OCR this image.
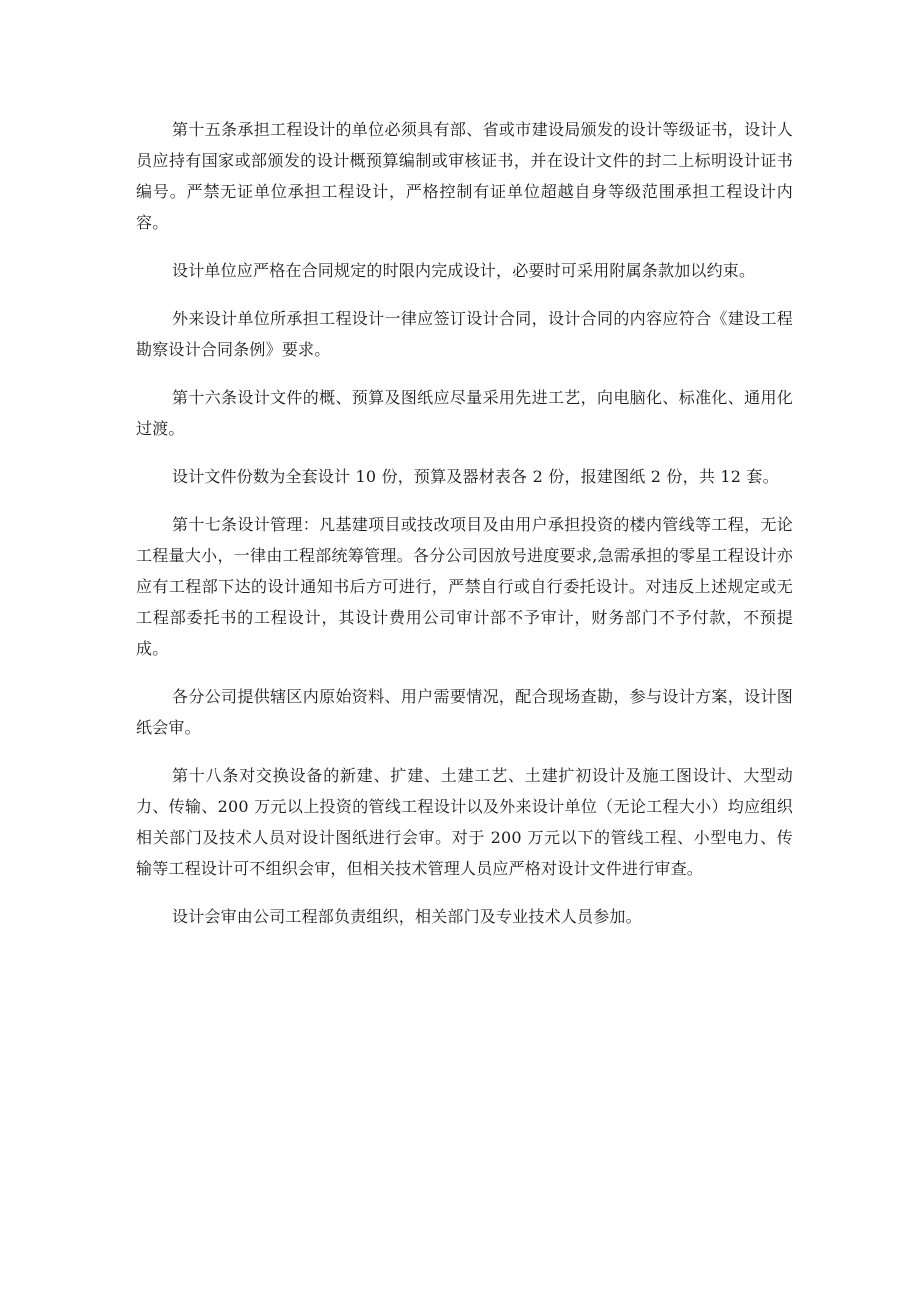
第十五条承担工程设计的单位必须具有部、省或市建设局颁发的设计等级证书，设计人员应持有国家或部颁发的设计概预算编制或审核证书，并在设计文件的封二上标明设计证书编号。严禁无证单位承担工程设计，严格控制有证单位超越自身等级范围承担工程设计内容。

设计单位应严格在合同规定的时限内完成设计，必要时可采用附属条款加以约束。

外来设计单位所承担工程设计一律应签订设计合同，设计合同的内容应符合《建设工程勘察设计合同条例》要求。

第十六条设计文件的概、预算及图纸应尽量采用先进工艺，向电脑化、标准化、通用化过渡。

设计文件份数为全套设计 10 份，预算及器材表各 2 份，报建图纸 2 份，共 12 套。

第十七条设计管理：凡基建项目或技改项目及由用户承担投资的楼内管线等工程，无论工程量大小，一律由工程部统筹管理。各分公司因放号进度要求,急需承担的零星工程设计亦应有工程部下达的设计通知书后方可进行，严禁自行或自行委托设计。对违反上述规定或无工程部委托书的工程设计，其设计费用公司审计部不予审计，财务部门不予付款，不预提成。

各分公司提供辖区内原始资料、用户需要情况，配合现场查勘，参与设计方案，设计图纸会审。

第十八条对交换设备的新建、扩建、土建工艺、土建扩初设计及施工图设计、大型动力、传输、200 万元以上投资的管线工程设计以及外来设计单位（无论工程大小）均应组织相关部门及技术人员对设计图纸进行会审。对于 200 万元以下的管线工程、小型电力、传输等工程设计可不组织会审，但相关技术管理人员应严格对设计文件进行审查。

设计会审由公司工程部负责组织，相关部门及专业技术人员参加。
